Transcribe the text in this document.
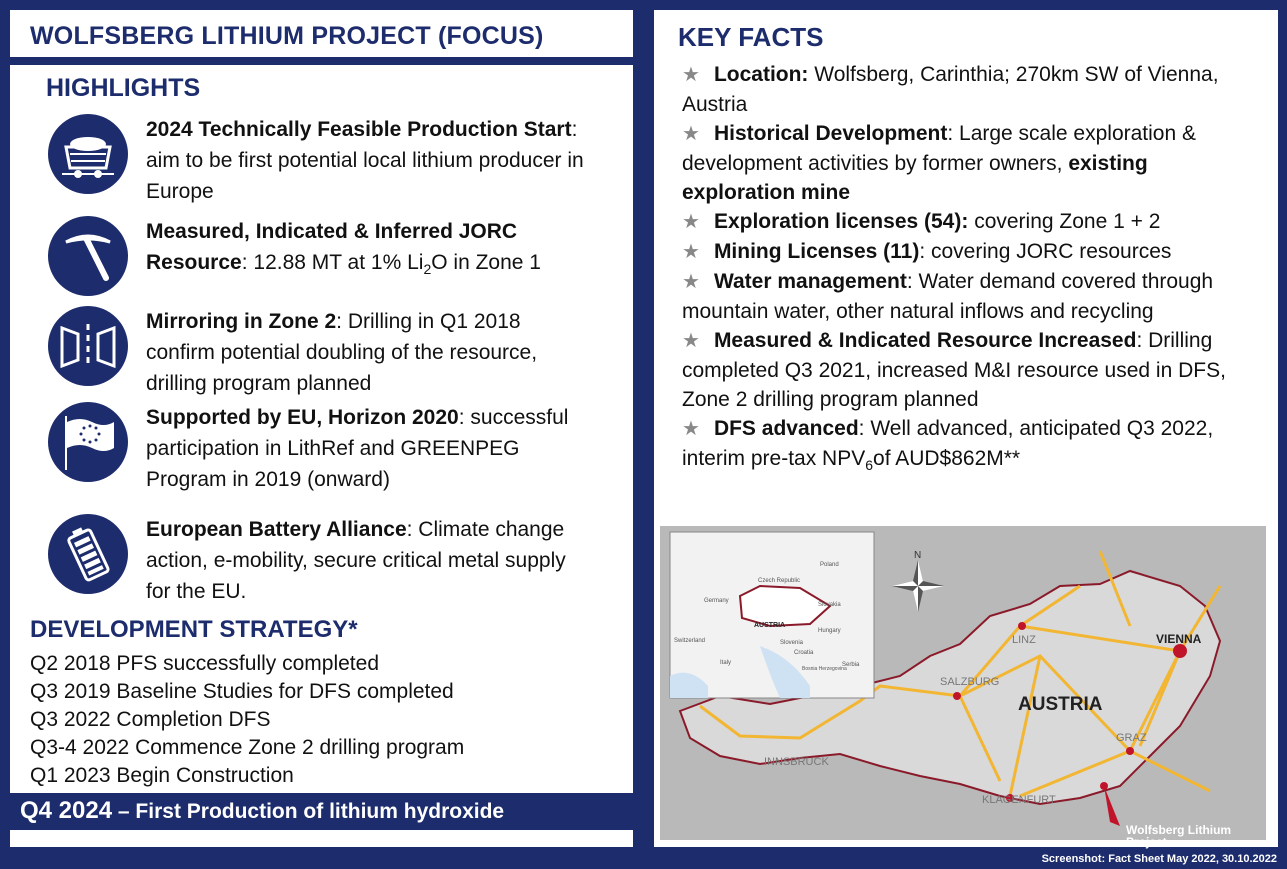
WOLFSBERG LITHIUM PROJECT (FOCUS)
HIGHLIGHTS
2024 Technically Feasible Production Start: aim to be first potential local lithium producer in Europe
Measured, Indicated & Inferred JORC Resource: 12.88 MT at 1% $Li_2O$ in Zone 1
Mirroring in Zone 2: Drilling in Q1 2018 confirm potential doubling of the resource, drilling program planned
Supported by EU, Horizon 2020: successful participation in LithRef and GREENPEG Program in 2019 (onward)
European Battery Alliance: Climate change action, e-mobility, secure critical metal supply for the EU.
DEVELOPMENT STRATEGY*
Q2 2018 PFS successfully completed
Q3 2019 Baseline Studies for DFS completed
Q3 2022 Completion DFS
Q3-4 2022 Commence Zone 2 drilling program
Q1 2023 Begin Construction
Q4 2024 – First Production of lithium hydroxide
KEY FACTS
★ Location: Wolfsberg, Carinthia; 270km SW of Vienna, Austria
★ Historical Development: Large scale exploration & development activities by former owners, existing exploration mine
★ Exploration licenses (54): covering Zone 1 + 2
★ Mining Licenses (11): covering JORC resources
★ Water management: Water demand covered through mountain water, other natural inflows and recycling
★ Measured & Indicated Resource Increased: Drilling completed Q3 2021, increased M&I resource used in DFS, Zone 2 drilling program planned
★ DFS advanced: Well advanced, anticipated Q3 2022, interim pre-tax $NPV_6of$ AUD$862M**
AUSTRIA
VIENNA
LINZ
SALZBURG
INNSBRUCK
GRAZ
KLAGENFURT
Wolfsberg Lithium
Project
N
Poland
Germany
Czech Republic
Slovakia
AUSTRIA
Hungary
Switzerland	Slovenia
Croatia
Italy
Bosnia Herzegovina
Serbia
Screenshot: Fact Sheet May 2022, 30.10.2022
